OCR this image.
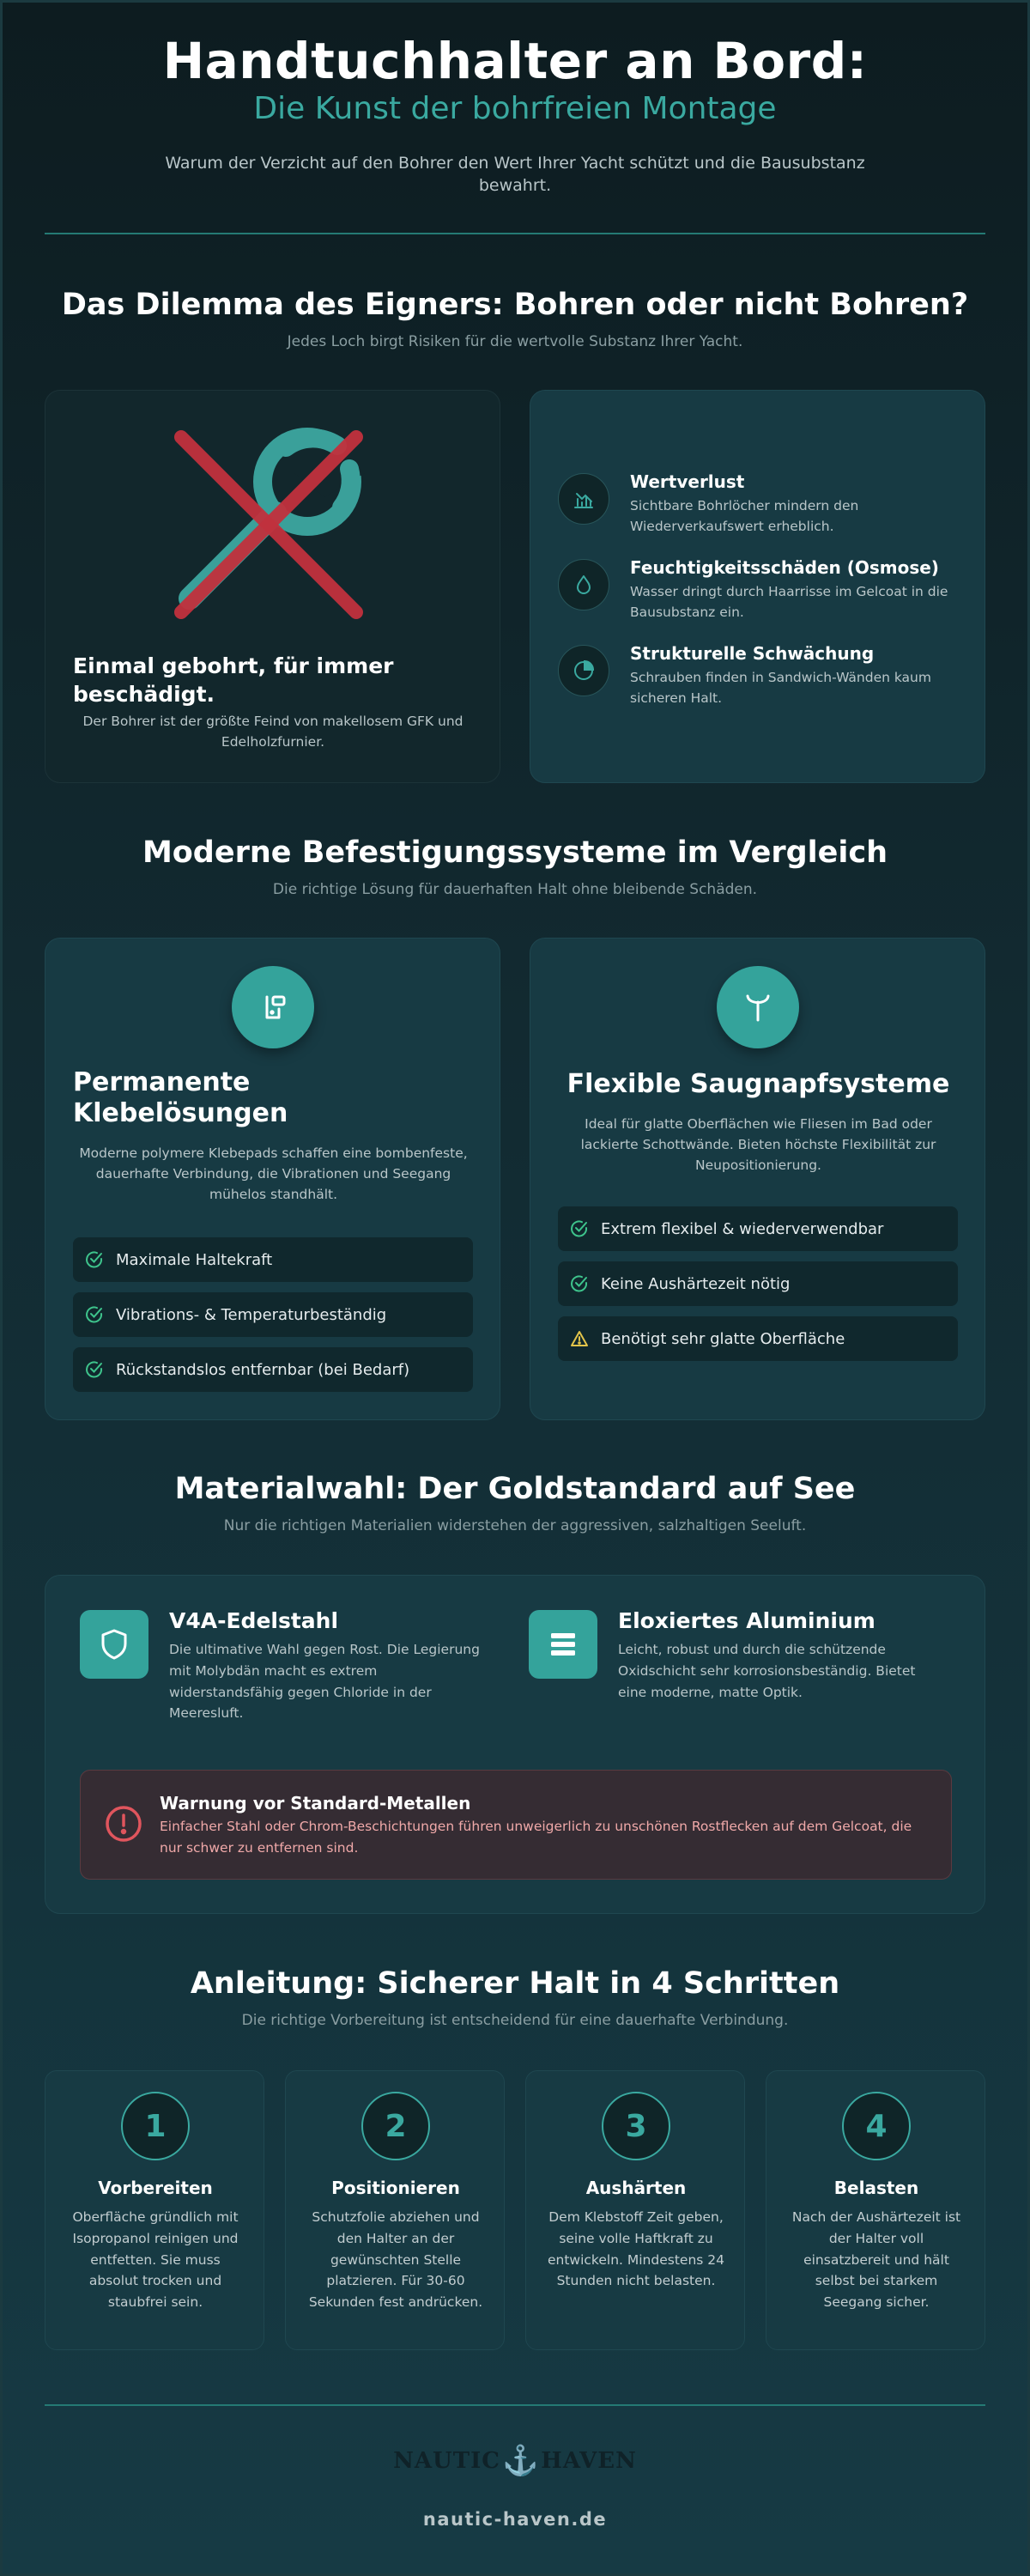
Handtuchhalter an Bord:
Die Kunst der bohrfreien Montage
Warum der Verzicht auf den Bohrer den Wert Ihrer Yacht schützt und die Bausubstanz bewahrt.
Das Dilemma des Eigners: Bohren oder nicht Bohren?
Jedes Loch birgt Risiken für die wertvolle Substanz Ihrer Yacht.
Einmal gebohrt, für immer beschädigt.
Der Bohrer ist der größte Feind von makellosem GFK und Edelholzfurnier.
Wertverlust
Sichtbare Bohrlöcher mindern den Wiederverkaufswert erheblich.
Feuchtigkeitsschäden (Osmose)
Wasser dringt durch Haarrisse im Gelcoat in die Bausubstanz ein.
Strukturelle Schwächung
Schrauben finden in Sandwich-Wänden kaum sicheren Halt.
Moderne Befestigungssysteme im Vergleich
Die richtige Lösung für dauerhaften Halt ohne bleibende Schäden.
Permanente Klebelösungen
Moderne polymere Klebepads schaffen eine bombenfeste, dauerhafte Verbindung, die Vibrationen und Seegang mühelos standhält.
Maximale Haltekraft
Vibrations- & Temperaturbeständig
Rückstandslos entfernbar (bei Bedarf)
Flexible Saugnapfsysteme
Ideal für glatte Oberflächen wie Fliesen im Bad oder lackierte Schottwände. Bieten höchste Flexibilität zur Neupositionierung.
Extrem flexibel & wiederverwendbar
Keine Aushärtezeit nötig
Benötigt sehr glatte Oberfläche
Materialwahl: Der Goldstandard auf See
Nur die richtigen Materialien widerstehen der aggressiven, salzhaltigen Seeluft.
V4A-Edelstahl
Die ultimative Wahl gegen Rost. Die Legierung mit Molybdän macht es extrem widerstandsfähig gegen Chloride in der Meeresluft.
Eloxiertes Aluminium
Leicht, robust und durch die schützende Oxidschicht sehr korrosionsbeständig. Bietet eine moderne, matte Optik.
Warnung vor Standard-Metallen
Einfacher Stahl oder Chrom-Beschichtungen führen unweigerlich zu unschönen Rostflecken auf dem Gelcoat, die nur schwer zu entfernen sind.
Anleitung: Sicherer Halt in 4 Schritten
Die richtige Vorbereitung ist entscheidend für eine dauerhafte Verbindung.
1
Vorbereiten
Oberfläche gründlich mit Isopropanol reinigen und entfetten. Sie muss absolut trocken und staubfrei sein.
2
Positionieren
Schutzfolie abziehen und den Halter an der gewünschten Stelle platzieren. Für 30-60 Sekunden fest andrücken.
3
Aushärten
Dem Klebstoff Zeit geben, seine volle Haftkraft zu entwickeln. Mindestens 24 Stunden nicht belasten.
4
Belasten
Nach der Aushärtezeit ist der Halter voll einsatzbereit und hält selbst bei starkem Seegang sicher.
NAUTIC⚓HAVEN
nautic-haven.de
